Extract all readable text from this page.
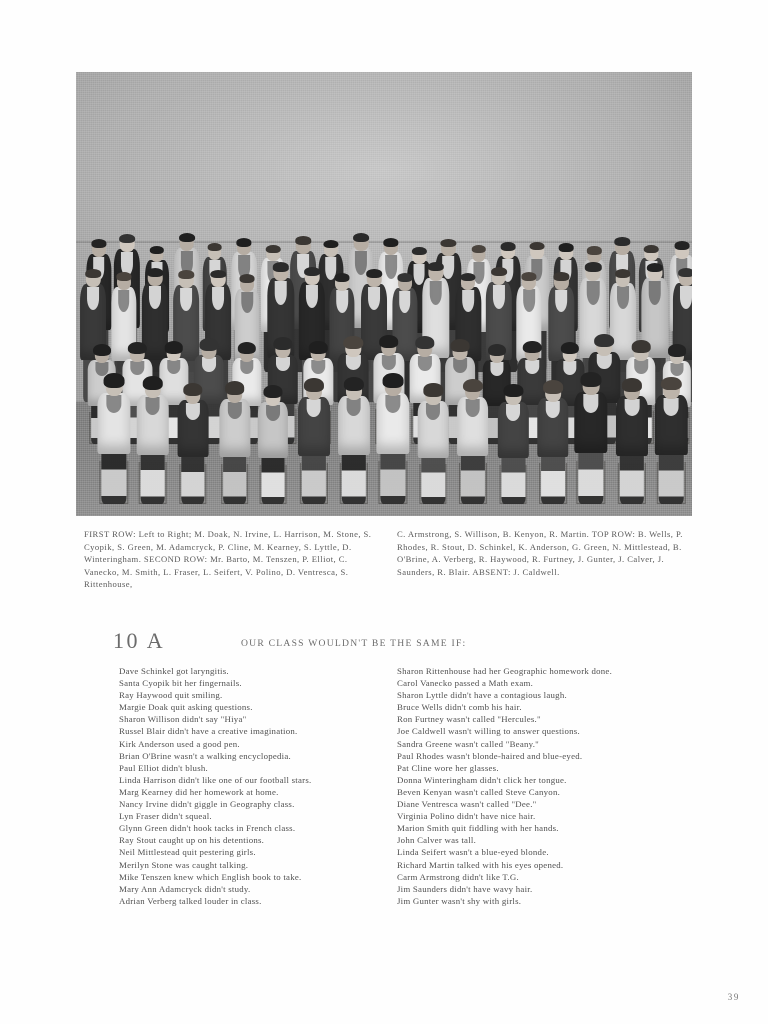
FIRST ROW: Left to Right; M. Doak, N. Irvine, L. Harrison, M. Stone, S. Cyopik, S. Green, M. Adamcryck, P. Cline, M. Kearney, S. Lyttle, D. Winteringham. SECOND ROW: Mr. Barto, M. Tenszen, P. Elliot, C. Vanecko, M. Smith, L. Fraser, L. Seifert, V. Polino, D. Ventresca, S. Rittenhouse,

C. Armstrong, S. Willison, B. Kenyon, R. Martin. TOP ROW: B. Wells, P. Rhodes, R. Stout, D. Schinkel, K. Anderson, G. Green, N. Mittlestead, B. O'Brine, A. Verberg, R. Haywood, R. Furtney, J. Gunter, J. Calver, J. Saunders, R. Blair. ABSENT: J. Caldwell.

10 A	OUR CLASS WOULDN'T BE THE SAME IF:
Dave Schinkel got laryngitis.
Santa Cyopik bit her fingernails.
Ray Haywood quit smiling.
Margie Doak quit asking questions.
Sharon Willison didn't say "Hiya"
Russel Blair didn't have a creative imagination.
Kirk Anderson used a good pen.
Brian O'Brine wasn't a walking encyclopedia.
Paul Elliot didn't blush.
Linda Harrison didn't like one of our football stars.
Marg Kearney did her homework at home.
Nancy Irvine didn't giggle in Geography class.
Lyn Fraser didn't squeal.
Glynn Green didn't hook tacks in French class.
Ray Stout caught up on his detentions.
Neil Mittlestead quit pestering girls.
Merilyn Stone was caught talking.
Mike Tenszen knew which English book to take.
Mary Ann Adamcryck didn't study.
Adrian Verberg talked louder in class.
Sharon Rittenhouse had her Geographic homework done.
Carol Vanecko passed a Math exam.
Sharon Lyttle didn't have a contagious laugh.
Bruce Wells didn't comb his hair.
Ron Furtney wasn't called "Hercules."
Joe Caldwell wasn't willing to answer questions.
Sandra Greene wasn't called "Beany."
Paul Rhodes wasn't blonde-haired and blue-eyed.
Pat Cline wore her glasses.
Donna Winteringham didn't click her tongue.
Beven Kenyan wasn't called Steve Canyon.
Diane Ventresca wasn't called "Dee."
Virginia Polino didn't have nice hair.
Marion Smith quit fiddling with her hands.
John Calver was tall.
Linda Seifert wasn't a blue-eyed blonde.
Richard Martin talked with his eyes opened.
Carm Armstrong didn't like T.G.
Jim Saunders didn't have wavy hair.
Jim Gunter wasn't shy with girls.
39
